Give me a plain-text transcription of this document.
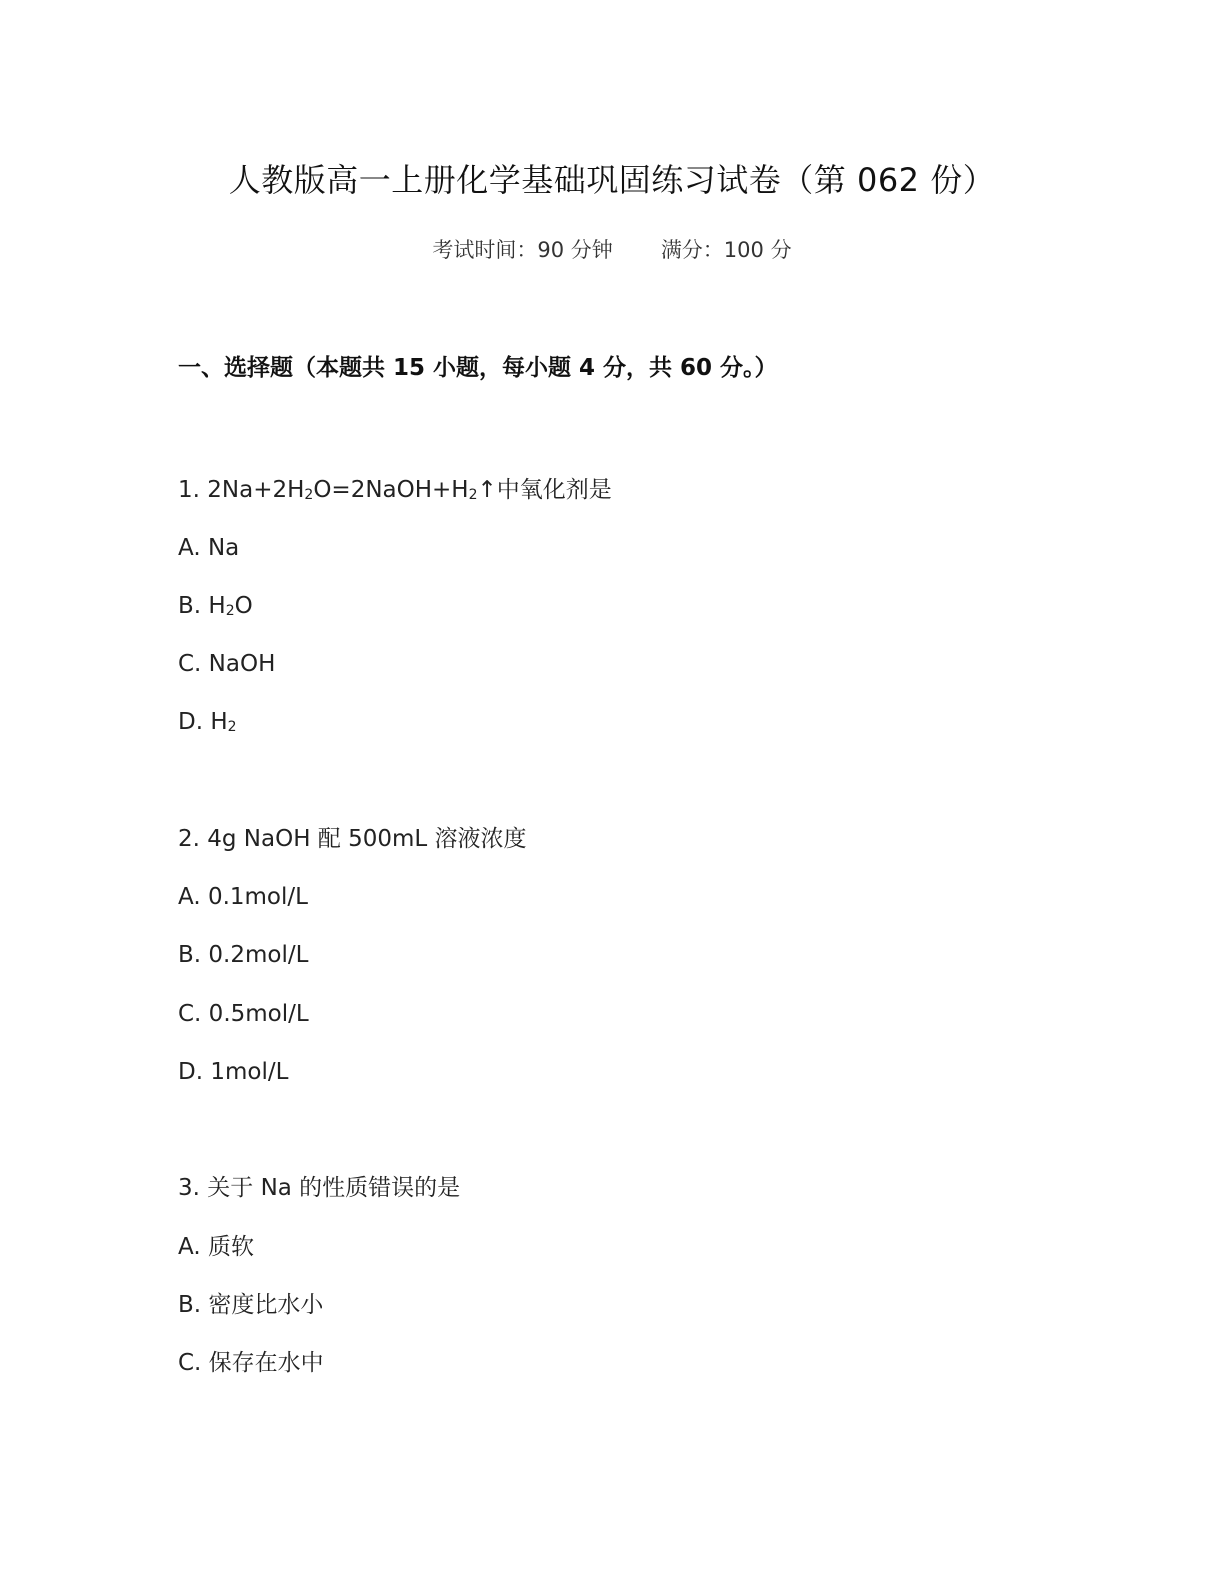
人教版高一上册化学基础巩固练习试卷（第 062 份）
考试时间：90 分钟 满分：100 分
一、选择题（本题共 15 小题，每小题 4 分，共 60 分。）
1. $2Na+2H_2O=2NaOH+H_2↑$中氧化剂是
A. Na
B. $H_2O$
C. NaOH
D. $H_2$
2. 4g NaOH 配 500mL 溶液浓度
A. 0.1mol/L
B. 0.2mol/L
C. 0.5mol/L
D. 1mol/L
3. 关于 Na 的性质错误的是
A. 质软
B. 密度比水小
C. 保存在水中
